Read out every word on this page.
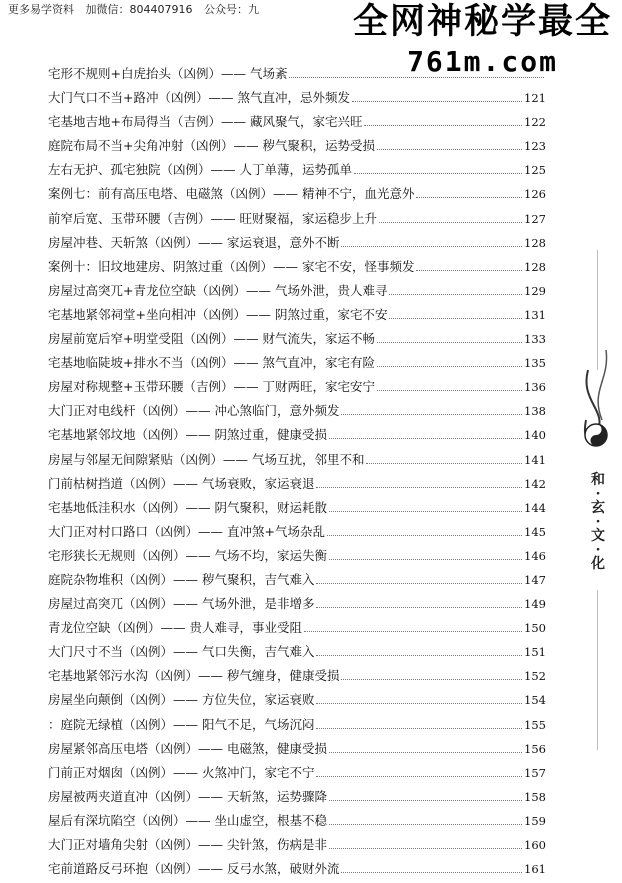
更多易学资料 加微信：804407916 公众号：九	全网神秘学最全
761m.com
宅形不规则+白虎抬头（凶例）—— 气场紊
大门气口不当+路冲（凶例）—— 煞气直冲，忌外频发	121
宅基地吉地+布局得当（吉例）—— 藏风聚气，家宅兴旺	122
庭院布局不当+尖角冲射（凶例）—— 秽气聚积，运势受损	123
左右无护、孤宅独院（凶例）—— 人丁单薄，运势孤单	125
案例七：前有高压电塔、电磁煞（凶例）—— 精神不宁，血光意外	126
前窄后宽、玉带环腰（吉例）—— 旺财聚福，家运稳步上升	127
房屋冲巷、天斩煞（凶例）—— 家运衰退，意外不断	128
案例十：旧坟地建房、阴煞过重（凶例）—— 家宅不安，怪事频发	128
房屋过高突兀+青龙位空缺（凶例）—— 气场外泄，贵人难寻	129
宅基地紧邻祠堂+坐向相冲（凶例）—— 阴煞过重，家宅不安	131
房屋前宽后窄+明堂受阻（凶例）—— 财气流失，家运不畅	133
宅基地临陡坡+排水不当（凶例）—— 煞气直冲，家宅有险	135
房屋对称规整+玉带环腰（吉例）—— 丁财两旺，家宅安宁	136
大门正对电线杆（凶例）—— 冲心煞临门，意外频发	138
宅基地紧邻坟地（凶例）—— 阴煞过重，健康受损	140
房屋与邻屋无间隙紧贴（凶例）—— 气场互扰，邻里不和	141
门前枯树挡道（凶例）—— 气场衰败，家运衰退	142
宅基地低洼积水（凶例）—— 阴气聚积，财运耗散	144
大门正对村口路口（凶例）—— 直冲煞+气场杂乱	145
宅形狭长无规则（凶例）—— 气场不均，家运失衡	146
庭院杂物堆积（凶例）—— 秽气聚积，吉气难入	147
房屋过高突兀（凶例）—— 气场外泄，是非增多	149
青龙位空缺（凶例）—— 贵人难寻，事业受阻	150
大门尺寸不当（凶例）—— 气口失衡，吉气难入	151
宅基地紧邻污水沟（凶例）—— 秽气缠身，健康受损	152
房屋坐向颠倒（凶例）—— 方位失位，家运衰败	154
：庭院无绿植（凶例）—— 阳气不足，气场沉闷	155
房屋紧邻高压电塔（凶例）—— 电磁煞，健康受损	156
门前正对烟囱（凶例）—— 火煞冲门，家宅不宁	157
房屋被两夹道直冲（凶例）—— 天斩煞，运势骤降	158
屋后有深坑陷空（凶例）—— 坐山虚空，根基不稳	159
大门正对墙角尖射（凶例）—— 尖针煞，伤病是非	160
宅前道路反弓环抱（凶例）—— 反弓水煞，破财外流	161
和
·
玄
·
文
·
化
